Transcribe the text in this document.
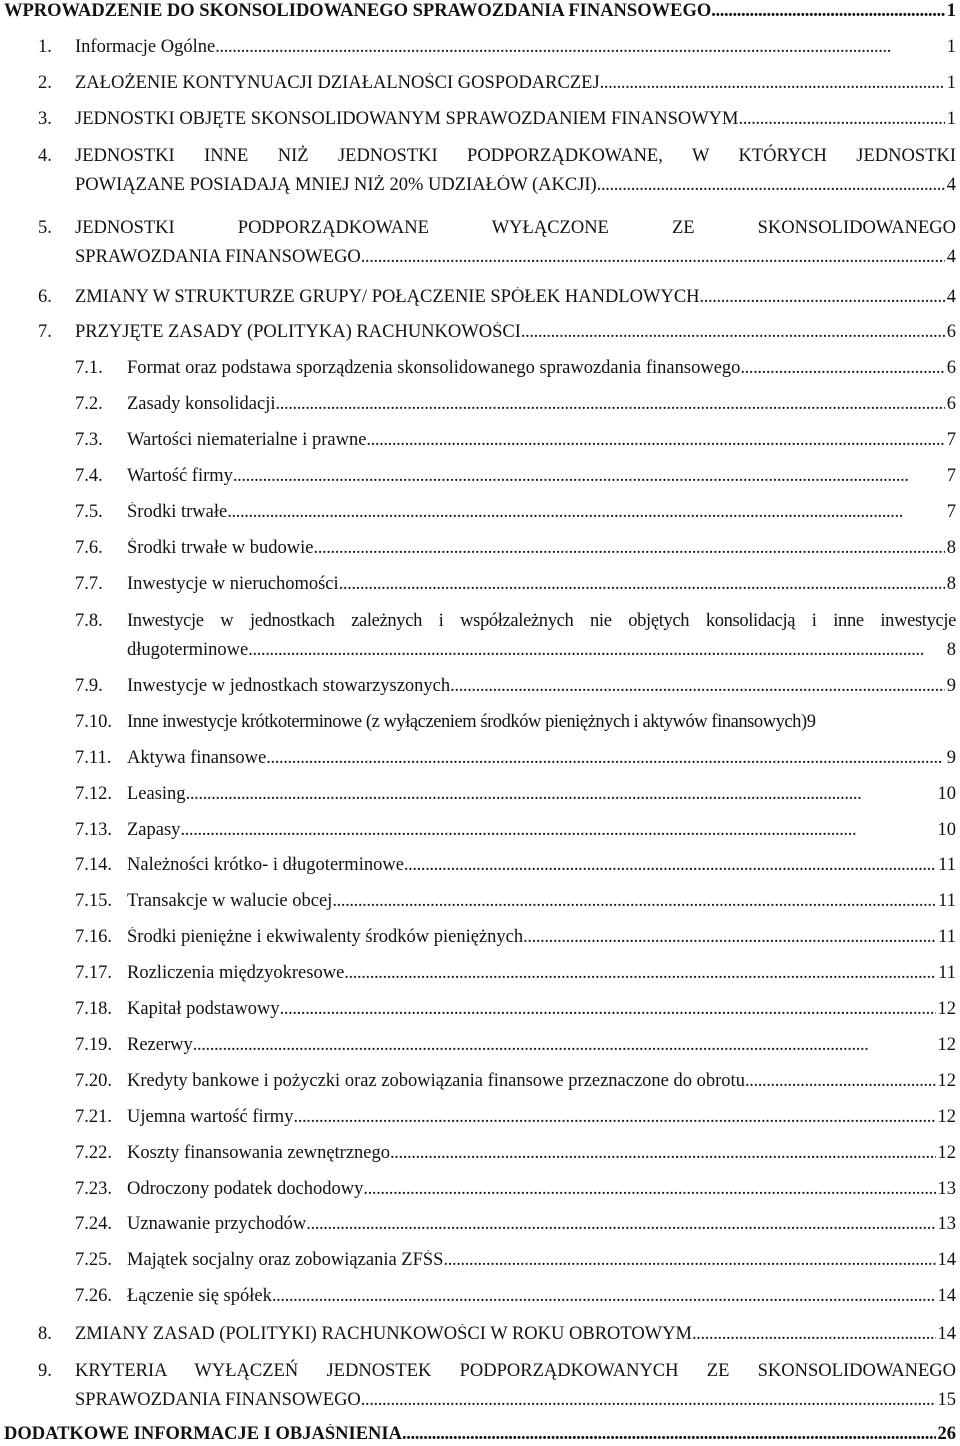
WPROWADZENIE DO SKONSOLIDOWANEGO SPRAWOZDANIA FINANSOWEGO . . .	1
1. Informacje Ogólne . . .	1
2. ZAŁOŻENIE KONTYNUACJI DZIAŁALNOŚCI GOSPODARCZEJ . . .	1
3. JEDNOSTKI OBJĘTE SKONSOLIDOWANYM SPRAWOZDANIEM FINANSOWYM . . .	1
4. JEDNOSTKI INNE NIŻ JEDNOSTKI PODPORZĄDKOWANE, W KTÓRYCH JEDNOSTKI
POWIĄZANE POSIADAJĄ MNIEJ NIŻ 20% UDZIAŁÓW (AKCJI) . . .	4
5. JEDNOSTKI PODPORZĄDKOWANE WYŁĄCZONE ZE SKONSOLIDOWANEGO
SPRAWOZDANIA FINANSOWEGO . . .	4
6. ZMIANY W STRUKTURZE GRUPY/ POŁĄCZENIE SPÓŁEK HANDLOWYCH . . .	4
7. PRZYJĘTE ZASADY (POLITYKA) RACHUNKOWOŚCI . . .	6
7.1. Format oraz podstawa sporządzenia skonsolidowanego sprawozdania finansowego . . .	6
7.2. Zasady konsolidacji . . .	6
7.3. Wartości niematerialne i prawne . . .	7
7.4. Wartość firmy . . .	7
7.5. Środki trwałe . . .	7
7.6. Środki trwałe w budowie . . .	8
7.7. Inwestycje w nieruchomości . . .	8
7.8. Inwestycje w jednostkach zależnych i współzależnych nie objętych konsolidacją i inne inwestycje
długoterminowe . . .	8
7.9. Inwestycje w jednostkach stowarzyszonych . . .	9
7.10. Inne inwestycje krótkoterminowe (z wyłączeniem środków pieniężnych i aktywów finansowych) 9
7.11. Aktywa finansowe . . .	9
7.12. Leasing . . .	10
7.13. Zapasy . . .	10
7.14. Należności krótko- i długoterminowe . . .	11
7.15. Transakcje w walucie obcej . . .	11
7.16. Środki pieniężne i ekwiwalenty środków pieniężnych . . .	11
7.17. Rozliczenia międzyokresowe . . .	11
7.18. Kapitał podstawowy . . .	12
7.19. Rezerwy . . .	12
7.20. Kredyty bankowe i pożyczki oraz zobowiązania finansowe przeznaczone do obrotu . . .	12
7.21. Ujemna wartość firmy . . .	12
7.22. Koszty finansowania zewnętrznego . . .	12
7.23. Odroczony podatek dochodowy . . .	13
7.24. Uznawanie przychodów . . .	13
7.25. Majątek socjalny oraz zobowiązania ZFŚS . . .	14
7.26. Łączenie się spółek . . .	14
8. ZMIANY ZASAD (POLITYKI) RACHUNKOWOŚCI W ROKU OBROTOWYM . . .	14
9. KRYTERIA WYŁĄCZEŃ JEDNOSTEK PODPORZĄDKOWANYCH ZE SKONSOLIDOWANEGO
SPRAWOZDANIA FINANSOWEGO . . .	15
DODATKOWE INFORMACJE I OBJAŚNIENIA . . .	26
